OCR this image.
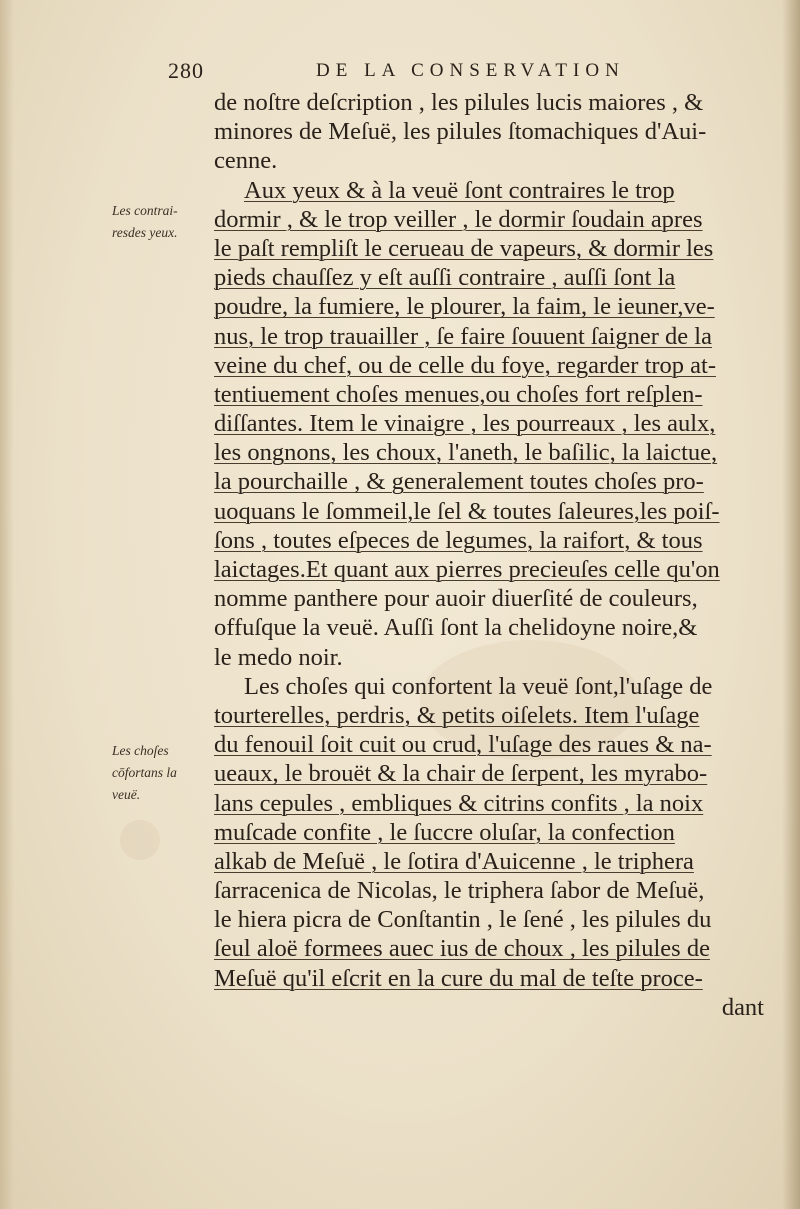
280	DE LA CONSERVATION
Les contrai-
resdes yeux.
Les choſes
cōfortans la
veuë.
de noſtre deſcription , les pilules lucis maiores , &
minores de Meſuë, les pilules ſtomachiques d'Aui-
cenne.
Aux yeux & à la veuë ſont contraires le trop
dormir , & le trop veiller , le dormir ſoudain apres
le paſt rempliſt le cerueau de vapeurs, & dormir les
pieds chauſſez y eſt auſſi contraire , auſſi ſont la
poudre, la fumiere, le plourer, la faim, le ieuner,ve-
nus, le trop trauailler , ſe faire ſouuent ſaigner de la
veine du chef, ou de celle du foye, regarder trop at-
tentiuement choſes menues,ou choſes fort reſplen-
diſſantes. Item le vinaigre , les pourreaux , les aulx,
les ongnons, les choux, l'aneth, le baſilic, la laictue,
la pourchaille , & generalement toutes choſes pro-
uoquans le ſommeil,le ſel & toutes ſaleures,les poiſ-
ſons , toutes eſpeces de legumes, la raifort, & tous
laictages.Et quant aux pierres precieuſes celle qu'on
nomme panthere pour auoir diuerſité de couleurs,
offuſque la veuë. Auſſi ſont la chelidoyne noire,&
le medo noir.
Les choſes qui confortent la veuë ſont,l'uſage de
tourterelles, perdris, & petits oiſelets. Item l'uſage
du fenouil ſoit cuit ou crud, l'uſage des raues & na-
ueaux, le brouët & la chair de ſerpent, les myrabo-
lans cepules , embliques & citrins confits , la noix
muſcade confite , le ſuccre oluſar, la confection
alkab de Meſuë , le ſotira d'Auicenne , le triphera
ſarracenica de Nicolas, le triphera ſabor de Meſuë,
le hiera picra de Conſtantin , le ſené , les pilules du
ſeul aloë formees auec ius de choux , les pilules de
Meſuë qu'il eſcrit en la cure du mal de teſte proce-
dant
